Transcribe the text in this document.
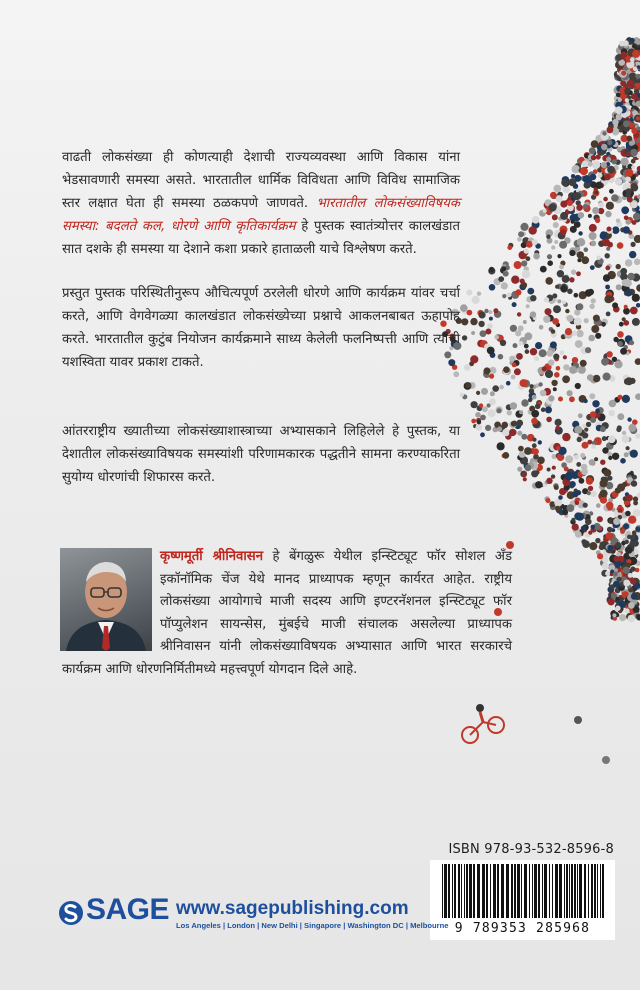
वाढती लोकसंख्या ही कोणत्याही देशाची राज्यव्यवस्था आणि विकास यांना भेडसावणारी समस्या असते. भारतातील धार्मिक विविधता आणि विविध सामाजिक स्तर लक्षात घेता ही समस्या ठळकपणे जाणवते. भारतातील लोकसंख्याविषयक समस्या: बदलते कल, धोरणे आणि कृतिकार्यक्रम हे पुस्तक स्वातंत्र्योत्तर कालखंडात सात दशके ही समस्या या देशाने कशा प्रकारे हाताळली याचे विश्लेषण करते.

प्रस्तुत पुस्तक परिस्थितीनुरूप औचित्यपूर्ण ठरलेली धोरणे आणि कार्यक्रम यांवर चर्चा करते, आणि वेगवेगळ्या कालखंडात लोकसंख्येच्या प्रश्नाचे आकलनबाबत ऊहापोह करते. भारतातील कुटुंब नियोजन कार्यक्रमाने साध्य केलेली फलनिष्पत्ती आणि त्याची यशस्विता यावर प्रकाश टाकते.

आंतरराष्ट्रीय ख्यातीच्या लोकसंख्याशास्त्राच्या अभ्यासकाने लिहिलेले हे पुस्तक, या देशातील लोकसंख्याविषयक समस्यांशी परिणामकारक पद्धतीने सामना करण्याकरिता सुयोग्य धोरणांची शिफारस करते.

कृष्णमूर्ती श्रीनिवासन हे बेंगळुरू येथील इन्स्टिट्यूट फॉर सोशल अँड इकॉनॉमिक चेंज येथे मानद प्राध्यापक म्हणून कार्यरत आहेत. राष्ट्रीय लोकसंख्या आयोगाचे माजी सदस्य आणि इण्टरनॅशनल इन्स्टिट्यूट फॉर पॉप्युलेशन सायन्सेस, मुंबईचे माजी संचालक असलेल्या प्राध्यापक श्रीनिवासन यांनी लोकसंख्याविषयक अभ्यासात आणि भारत सरकारचे कार्यक्रम आणि धोरणनिर्मितीमध्ये महत्त्वपूर्ण योगदान दिले आहे.
ISBN 978-93-532-8596-8
9 789353 285968
SAGE www.sagepublishing.com
Los Angeles | London | New Delhi | Singapore | Washington DC | Melbourne
